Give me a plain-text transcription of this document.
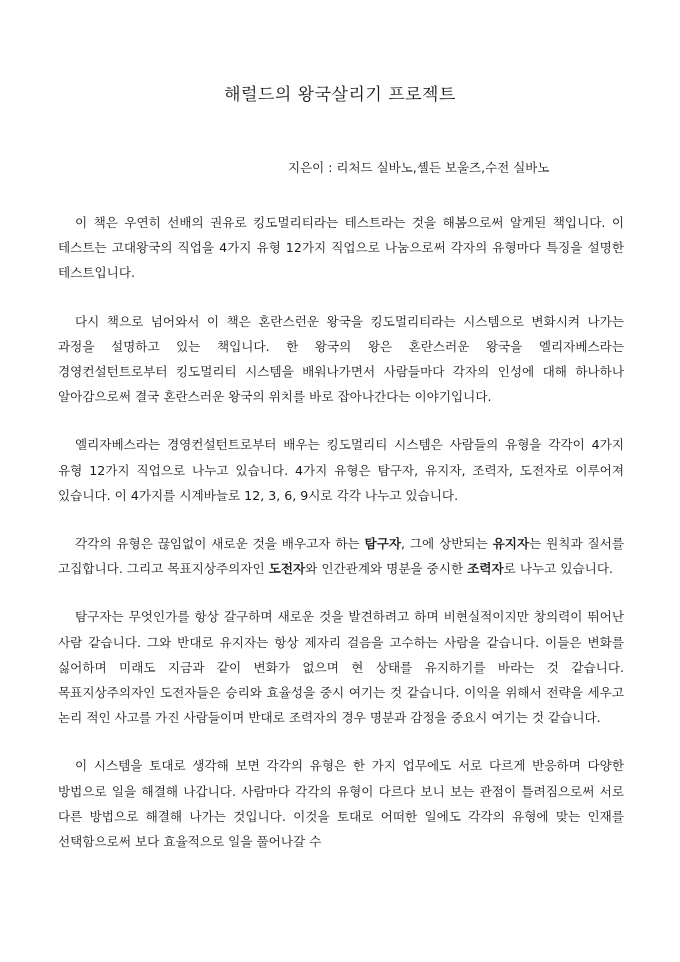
해럴드의 왕국살리기 프로젝트
지은이 : 리처드 실바노,셸든 보울즈,수전 실바노

이 책은 우연히 선배의 권유로 킹도멀리티라는 테스트라는 것을 해봄으로써 알게된 책입니다. 이 테스트는 고대왕국의 직업을 4가지 유형 12가지 직업으로 나눔으로써 각자의 유형마다 특징을 설명한 테스트입니다.

다시 책으로 넘어와서 이 책은 혼란스런운 왕국을 킹도멀리티라는 시스템으로 변화시켜 나가는 과정을 설명하고 있는 책입니다. 한 왕국의 왕은 혼란스러운 왕국을 엘리자베스라는 경영컨설턴트로부터 킹도멀리티 시스템을 배워나가면서 사람들마다 각자의 인성에 대해 하나하나 알아감으로써 결국 혼란스러운 왕국의 위치를 바로 잡아나간다는 이야기입니다.

엘리자베스라는 경영컨설턴트로부터 배우는 킹도멀리티 시스템은 사람들의 유형을 각각이 4가지 유형 12가지 직업으로 나누고 있습니다. 4가지 유형은 탐구자, 유지자, 조력자, 도전자로 이루어져 있습니다. 이 4가지를 시계바늘로 12, 3, 6, 9시로 각각 나누고 있습니다.

각각의 유형은 끊임없이 새로운 것을 배우고자 하는 탐구자, 그에 상반되는 유지자는 원칙과 질서를 고집합니다. 그리고 목표지상주의자인 도전자와 인간관계와 명분을 중시한 조력자로 나누고 있습니다.

탐구자는 무엇인가를 항상 갈구하며 새로운 것을 발견하려고 하며 비현실적이지만 창의력이 뛰어난 사람 같습니다. 그와 반대로 유지자는 항상 제자리 걸음을 고수하는 사람을 같습니다. 이들은 변화를 싫어하며 미래도 지금과 같이 변화가 없으며 현 상태를 유지하기를 바라는 것 같습니다. 목표지상주의자인 도전자들은 승리와 효율성을 중시 여기는 것 같습니다. 이익을 위해서 전략을 세우고 논리 적인 사고를 가진 사람들이며 반대로 조력자의 경우 명분과 감정을 중요시 여기는 것 같습니다.

이 시스템을 토대로 생각해 보면 각각의 유형은 한 가지 업무에도 서로 다르게 반응하며 다양한 방법으로 일을 해결해 나갑니다. 사람마다 각각의 유형이 다르다 보니 보는 관점이 틀려짐으로써 서로 다른 방법으로 해결해 나가는 것입니다. 이것을 토대로 어떠한 일에도 각각의 유형에 맞는 인재를 선택함으로써 보다 효율적으로 일을 풀어나갈 수
